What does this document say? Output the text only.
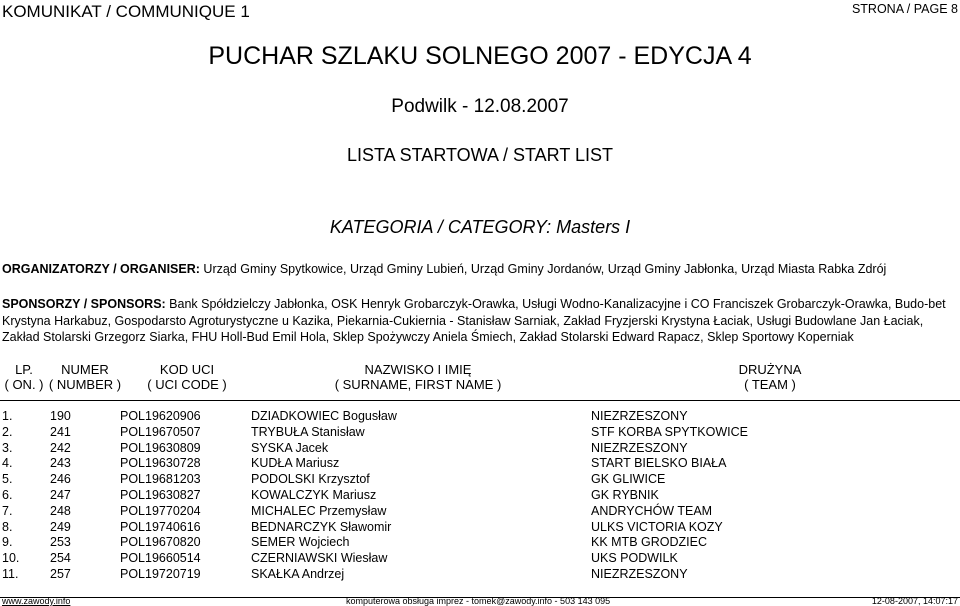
KOMUNIKAT / COMMUNIQUE 1	STRONA / PAGE 8
PUCHAR SZLAKU SOLNEGO 2007 - EDYCJA 4
Podwilk - 12.08.2007
LISTA STARTOWA / START LIST
KATEGORIA / CATEGORY: Masters I
ORGANIZATORZY / ORGANISER: Urząd Gminy Spytkowice, Urząd Gminy Lubień, Urząd Gminy Jordanów, Urząd Gminy Jabłonka, Urząd Miasta Rabka Zdrój
SPONSORZY / SPONSORS: Bank Spółdzielczy Jabłonka, OSK Henryk Grobarczyk-Orawka, Usługi Wodno-Kanalizacyjne i CO Franciszek Grobarczyk-Orawka, Budo-bet Krystyna Harkabuz, Gospodarsto Agroturystyczne u Kazika, Piekarnia-Cukiernia - Stanisław Sarniak, Zakład Fryzjerski Krystyna Łaciak, Usługi Budowlane Jan Łaciak, Zakład Stolarski Grzegorz Siarka, FHU Holl-Bud Emil Hola, Sklep Spożywczy Aniela Śmiech, Zakład Stolarski Edward Rapacz, Sklep Sportowy Koperniak
LP.
( ON. )
NUMER
( NUMBER )
KOD UCI
( UCI CODE )
NAZWISKO I IMIĘ
( SURNAME, FIRST NAME )
DRUŻYNA
( TEAM )
1.	190	POL19620906	DZIADKOWIEC Bogusław	NIEZRZESZONY
2.	241	POL19670507	TRYBUŁA Stanisław	STF KORBA SPYTKOWICE
3.	242	POL19630809	SYSKA Jacek	NIEZRZESZONY
4.	243	POL19630728	KUDŁA Mariusz	START BIELSKO BIAŁA
5.	246	POL19681203	PODOLSKI Krzysztof	GK GLIWICE
6.	247	POL19630827	KOWALCZYK Mariusz	GK RYBNIK
7.	248	POL19770204	MICHALEC Przemysław	ANDRYCHÓW TEAM
8.	249	POL19740616	BEDNARCZYK Sławomir	ULKS VICTORIA KOZY
9.	253	POL19670820	SEMER Wojciech	KK MTB GRODZIEC
10.	254	POL19660514	CZERNIAWSKI Wiesław	UKS PODWILK
11.	257	POL19720719	SKAŁKA Andrzej	NIEZRZESZONY
www.zawody.info	komputerowa obsługa imprez - tomek@zawody.info - 503 143 095	12-08-2007, 14:07:17
